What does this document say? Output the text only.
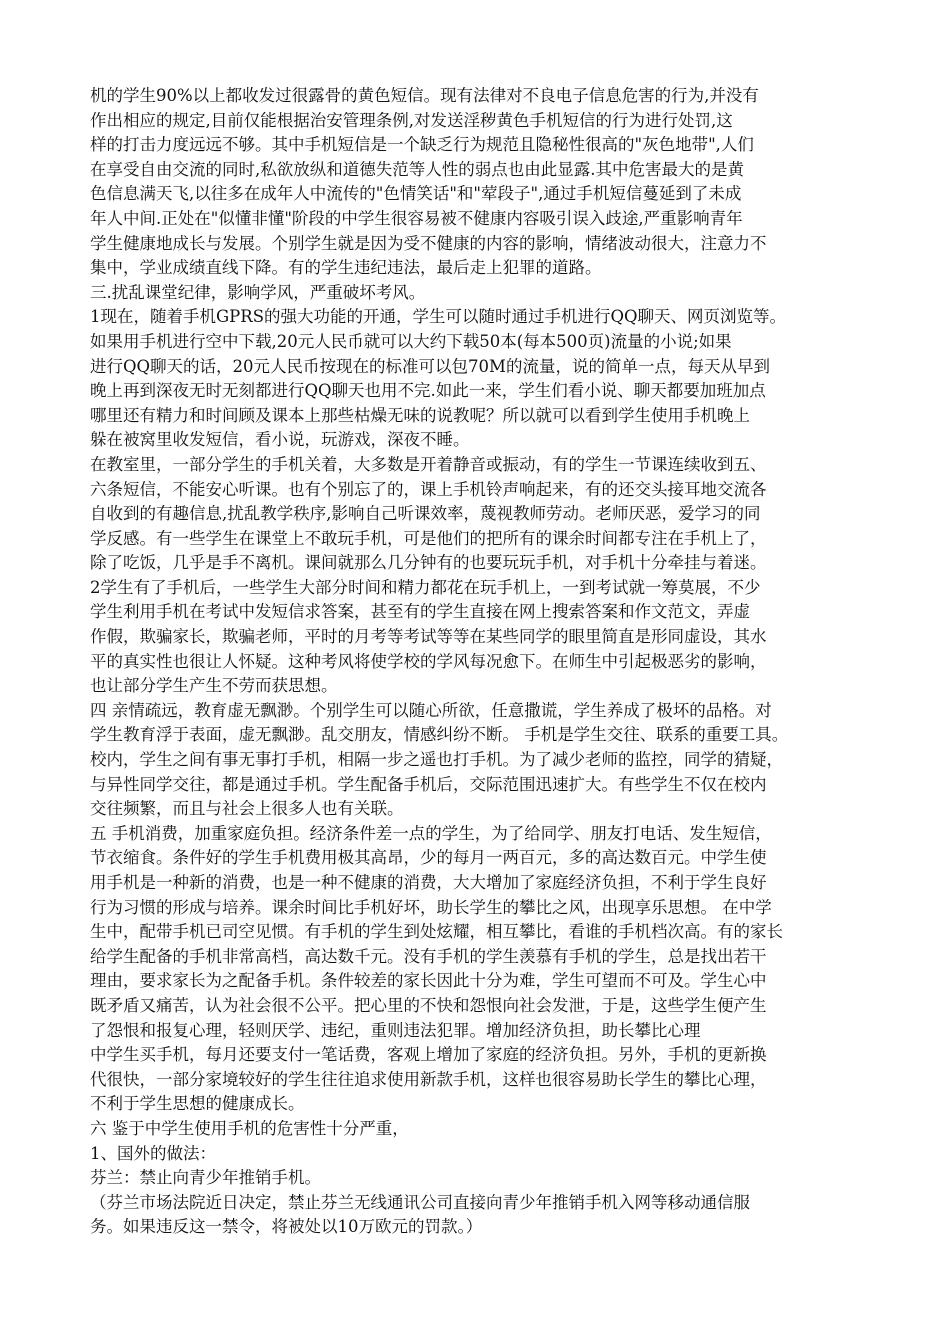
机的学生90%以上都收发过很露骨的黄色短信。现有法律对不良电子信息危害的行为,并没有
作出相应的规定,目前仅能根据治安管理条例,对发送淫秽黄色手机短信的行为进行处罚,这
样的打击力度远远不够。其中手机短信是一个缺乏行为规范且隐秘性很高的"灰色地带",人们
在享受自由交流的同时,私欲放纵和道德失范等人性的弱点也由此显露.其中危害最大的是黄
色信息满天飞,以往多在成年人中流传的"色情笑话"和"荤段子",通过手机短信蔓延到了未成
年人中间.正处在"似懂非懂"阶段的中学生很容易被不健康内容吸引误入歧途,严重影响青年
学生健康地成长与发展。个别学生就是因为受不健康的内容的影响，情绪波动很大，注意力不
集中，学业成绩直线下降。有的学生违纪违法，最后走上犯罪的道路。
三.扰乱课堂纪律，影响学风，严重破坏考风。
1现在，随着手机GPRS的强大功能的开通，学生可以随时通过手机进行QQ聊天、网页浏览等。
如果用手机进行空中下载,20元人民币就可以大约下载50本(每本500页)流量的小说;如果
进行QQ聊天的话，20元人民币按现在的标准可以包70M的流量，说的简单一点，每天从早到
晚上再到深夜无时无刻都进行QQ聊天也用不完.如此一来，学生们看小说、聊天都要加班加点
哪里还有精力和时间顾及课本上那些枯燥无味的说教呢？所以就可以看到学生使用手机晚上
躲在被窝里收发短信，看小说，玩游戏，深夜不睡。
在教室里，一部分学生的手机关着，大多数是开着静音或振动，有的学生一节课连续收到五、
六条短信，不能安心听课。也有个别忘了的，课上手机铃声响起来，有的还交头接耳地交流各
自收到的有趣信息,扰乱教学秩序,影响自己听课效率，蔑视教师劳动。老师厌恶，爱学习的同
学反感。有一些学生在课堂上不敢玩手机，可是他们的把所有的课余时间都专注在手机上了，
除了吃饭，几乎是手不离机。课间就那么几分钟有的也要玩玩手机，对手机十分牵挂与着迷。
2学生有了手机后，一些学生大部分时间和精力都花在玩手机上，一到考试就一筹莫展，不少
学生利用手机在考试中发短信求答案，甚至有的学生直接在网上搜索答案和作文范文，弄虚
作假，欺骗家长，欺骗老师，平时的月考等考试等等在某些同学的眼里简直是形同虚设，其水
平的真实性也很让人怀疑。这种考风将使学校的学风每况愈下。在师生中引起极恶劣的影响，
也让部分学生产生不劳而获思想。
四 亲情疏远，教育虚无飘渺。个别学生可以随心所欲，任意撒谎，学生养成了极坏的品格。对
学生教育浮于表面，虚无飘渺。乱交朋友，情感纠纷不断。 手机是学生交往、联系的重要工具。
校内，学生之间有事无事打手机，相隔一步之遥也打手机。为了减少老师的监控，同学的猜疑，
与异性同学交往，都是通过手机。学生配备手机后，交际范围迅速扩大。有些学生不仅在校内
交往频繁，而且与社会上很多人也有关联。
五 手机消费，加重家庭负担。经济条件差一点的学生，为了给同学、朋友打电话、发生短信，
节衣缩食。条件好的学生手机费用极其高昂，少的每月一两百元，多的高达数百元。中学生使
用手机是一种新的消费，也是一种不健康的消费，大大增加了家庭经济负担，不利于学生良好
行为习惯的形成与培养。课余时间比手机好坏，助长学生的攀比之风，出现享乐思想。 在中学
生中，配带手机已司空见惯。有手机的学生到处炫耀，相互攀比，看谁的手机档次高。有的家长
给学生配备的手机非常高档，高达数千元。没有手机的学生羡慕有手机的学生，总是找出若干
理由，要求家长为之配备手机。条件较差的家长因此十分为难，学生可望而不可及。学生心中
既矛盾又痛苦，认为社会很不公平。把心里的不快和怨恨向社会发泄，于是，这些学生便产生
了怨恨和报复心理，轻则厌学、违纪，重则违法犯罪。增加经济负担，助长攀比心理
中学生买手机，每月还要支付一笔话费，客观上增加了家庭的经济负担。另外，手机的更新换
代很快，一部分家境较好的学生往往追求使用新款手机，这样也很容易助长学生的攀比心理，
不利于学生思想的健康成长。
六 鉴于中学生使用手机的危害性十分严重，
1、国外的做法：
芬兰：禁止向青少年推销手机。
（芬兰市场法院近日决定，禁止芬兰无线通讯公司直接向青少年推销手机入网等移动通信服
务。如果违反这一禁令，将被处以10万欧元的罚款。）
